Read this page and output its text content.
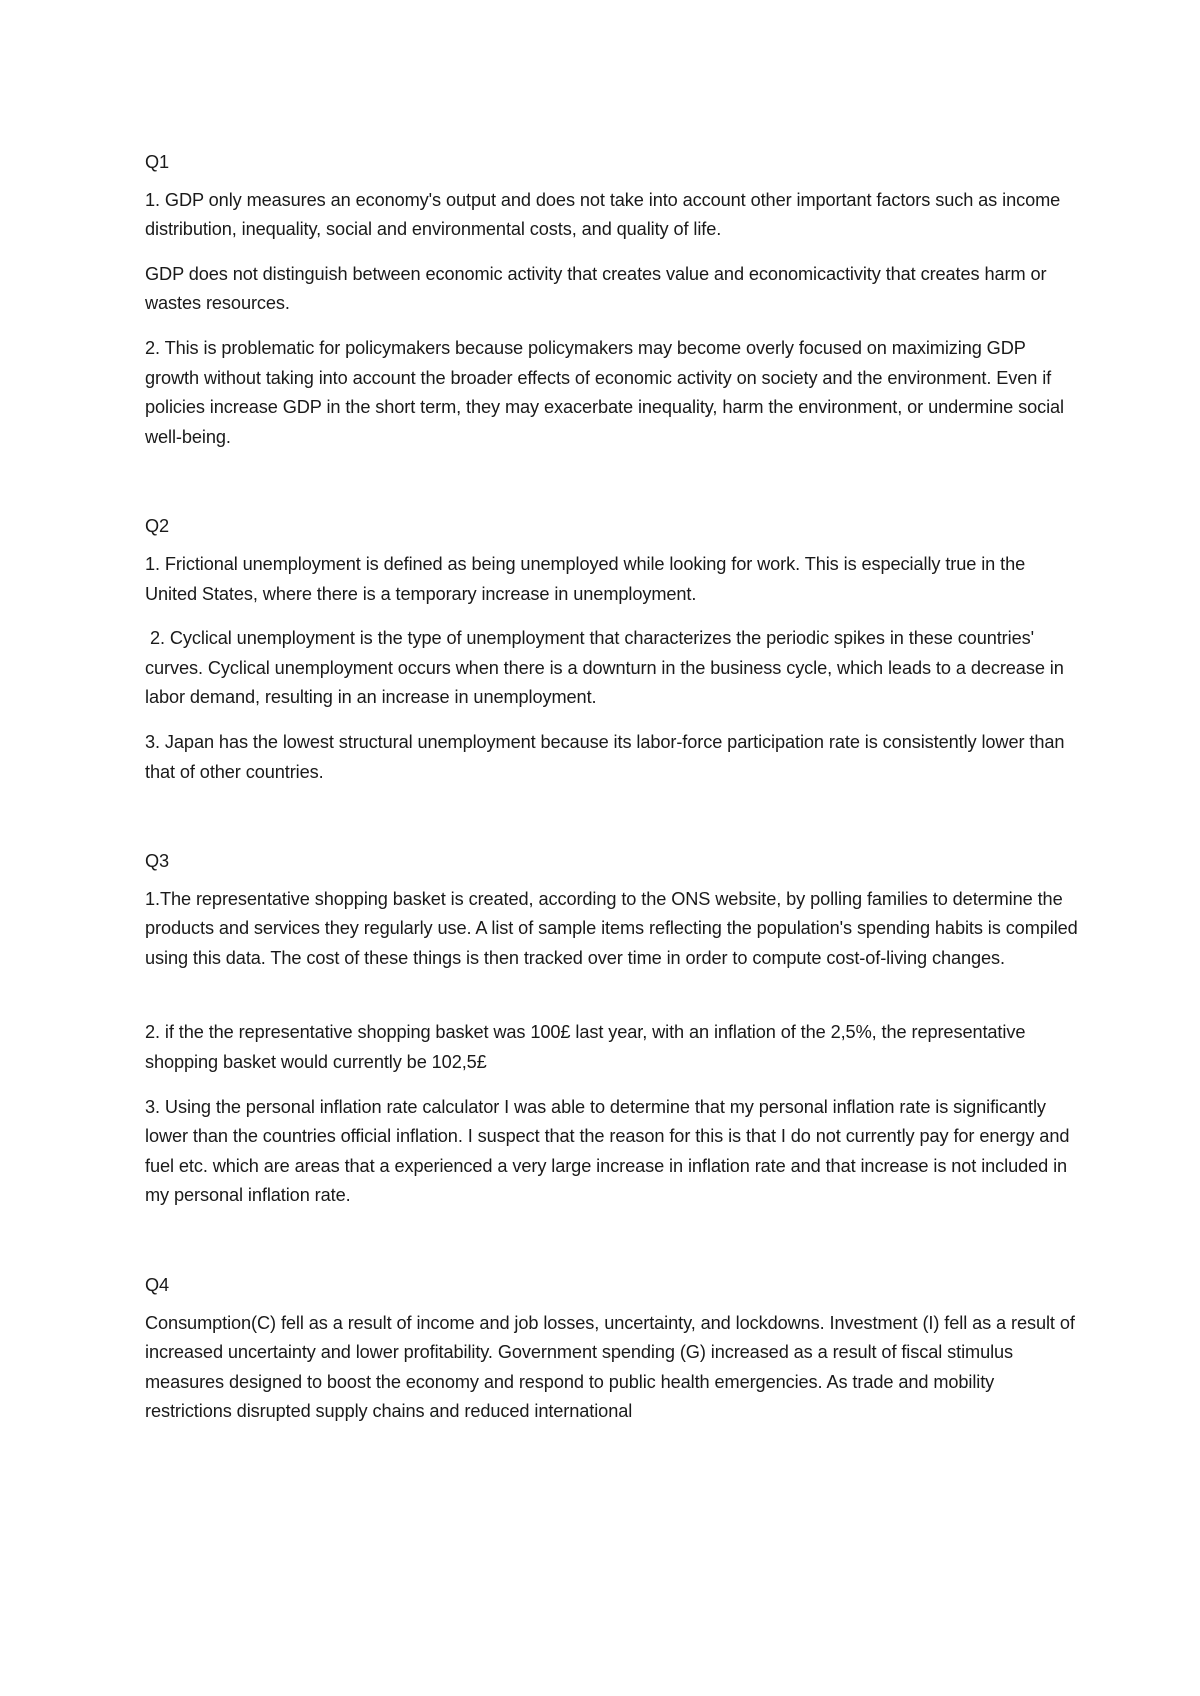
Q1

1. GDP only measures an economy's output and does not take into account other important factors such as income distribution, inequality, social and environmental costs, and quality of life.

GDP does not distinguish between economic activity that creates value and economicactivity that creates harm or wastes resources.

2. This is problematic for policymakers because policymakers may become overly focused on maximizing GDP growth without taking into account the broader effects of economic activity on society and the environment. Even if policies increase GDP in the short term, they may exacerbate inequality, harm the environment, or undermine social well-being.

Q2

1. Frictional unemployment is defined as being unemployed while looking for work. This is especially true in the United States, where there is a temporary increase in unemployment.

2. Cyclical unemployment is the type of unemployment that characterizes the periodic spikes in these countries' curves. Cyclical unemployment occurs when there is a downturn in the business cycle, which leads to a decrease in labor demand, resulting in an increase in unemployment.

3. Japan has the lowest structural unemployment because its labor-force participation rate is consistently lower than that of other countries.

Q3

1.The representative shopping basket is created, according to the ONS website, by polling families to determine the products and services they regularly use. A list of sample items reflecting the population's spending habits is compiled using this data. The cost of these things is then tracked over time in order to compute cost-of-living changes.

2. if the the representative shopping basket was 100£ last year, with an inflation of the 2,5%, the representative shopping basket would currently be 102,5£

3. Using the personal inflation rate calculator I was able to determine that my personal inflation rate is significantly lower than the countries official inflation. I suspect that the reason for this is that I do not currently pay for energy and fuel etc. which are areas that a experienced a very large increase in inflation rate and that increase is not included in my personal inflation rate.

Q4

Consumption(C) fell as a result of income and job losses, uncertainty, and lockdowns. Investment (I) fell as a result of increased uncertainty and lower profitability. Government spending (G) increased as a result of fiscal stimulus measures designed to boost the economy and respond to public health emergencies. As trade and mobility restrictions disrupted supply chains and reduced international
